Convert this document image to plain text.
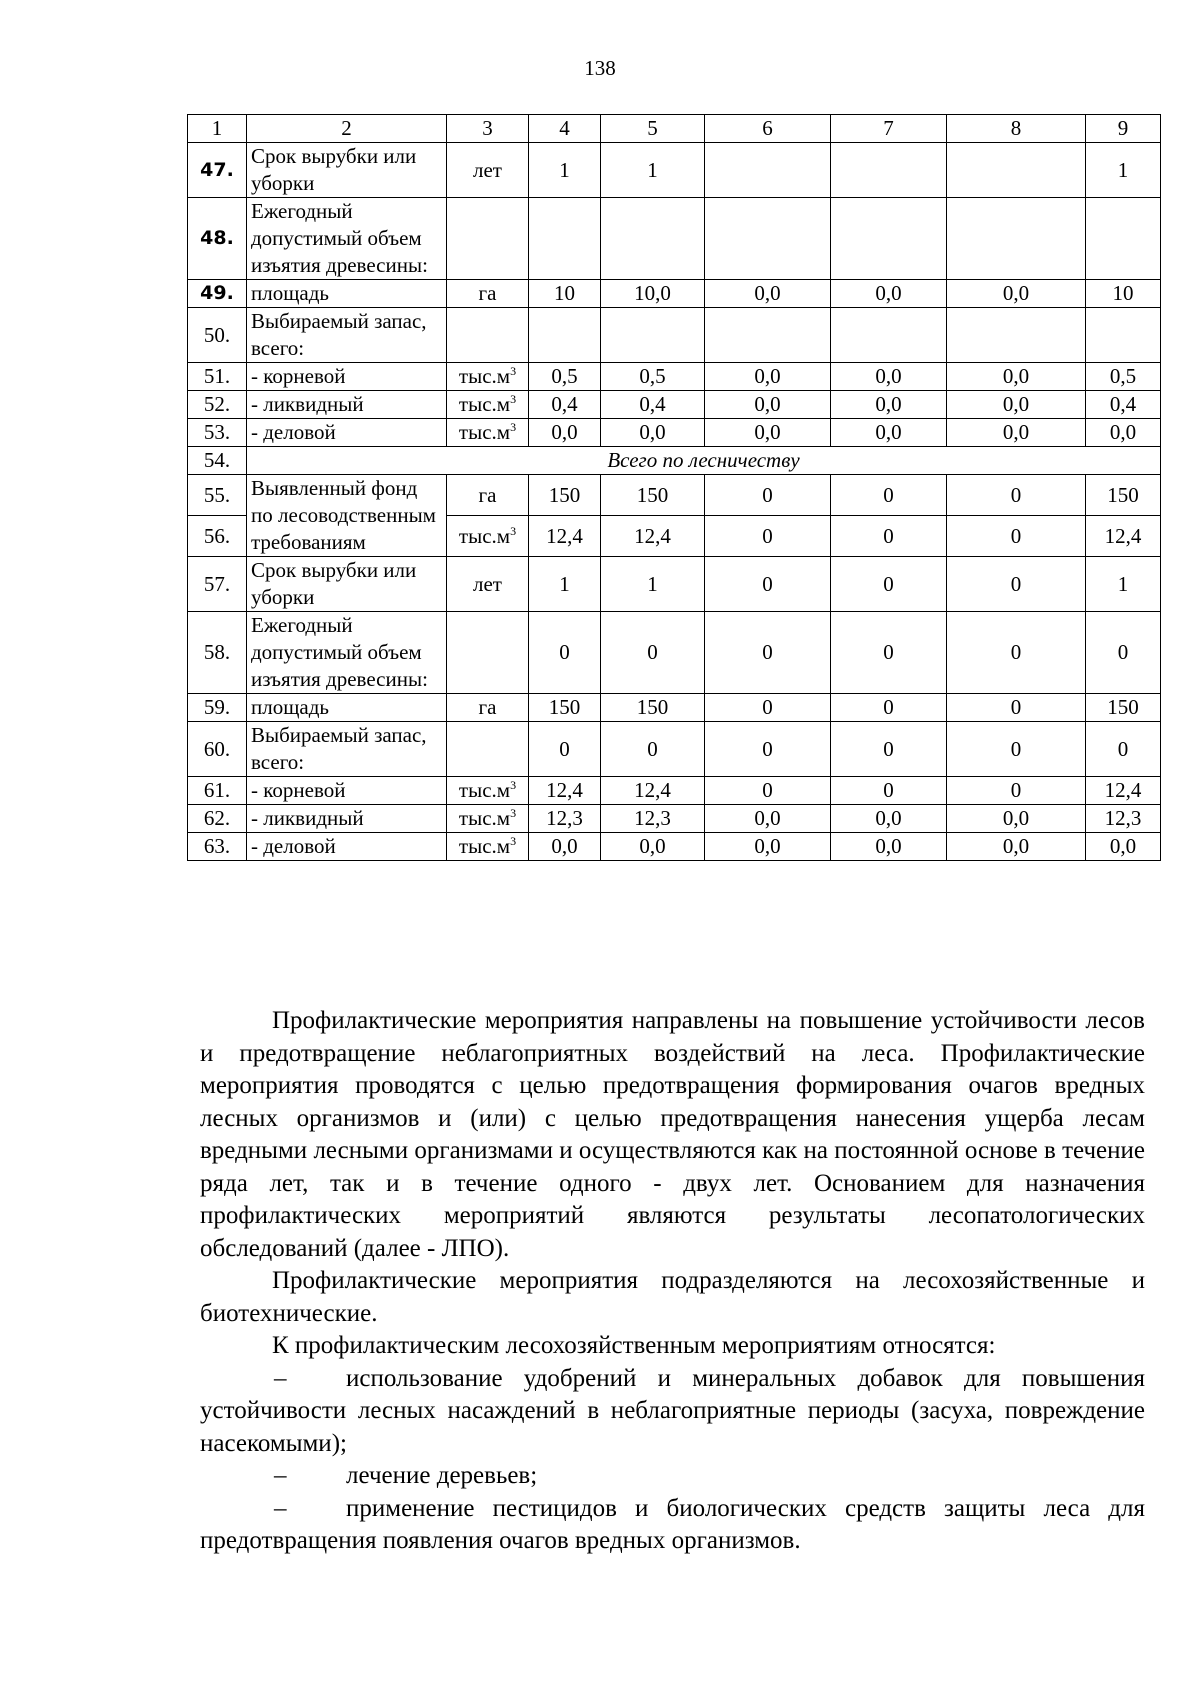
138
1	2	3	4	5	6	7	8	9
47.	Срок вырубки или уборки	лет	1	1				1
48.	Ежегодный допустимый объем изъятия древесины:							
49.	площадь	га	10	10,0	0,0	0,0	0,0	10
50.	Выбираемый запас, всего:							
51.	- корневой	$тыс.м^3$	0,5	0,5	0,0	0,0	0,0	0,5
52.	- ликвидный	$тыс.м^3$	0,4	0,4	0,0	0,0	0,0	0,4
53.	- деловой	$тыс.м^3$	0,0	0,0	0,0	0,0	0,0	0,0
54.	Всего по лесничеству							
55.	Выявленный фонд по лесоводственным требованиям	га	150	150	0	0	0	150
56.		$тыс.м^3$	12,4	12,4	0	0	0	12,4
57.	Срок вырубки или уборки	лет	1	1	0	0	0	1
58.	Ежегодный допустимый объем изъятия древесины:		0	0	0	0	0	0
59.	площадь	га	150	150	0	0	0	150
60.	Выбираемый запас, всего:		0	0	0	0	0	0
61.	- корневой	$тыс.м^3$	12,4	12,4	0	0	0	12,4
62.	- ликвидный	$тыс.м^3$	12,3	12,3	0,0	0,0	0,0	12,3
63.	- деловой	$тыс.м^3$	0,0	0,0	0,0	0,0	0,0	0,0

Профилактические мероприятия направлены на повышение устойчивости лесов и предотвращение неблагоприятных воздействий на леса. Профилактические мероприятия проводятся с целью предотвращения формирования очагов вредных лесных организмов и (или) с целью предотвращения нанесения ущерба лесам вредными лесными организмами и осуществляются как на постоянной основе в течение ряда лет, так и в течение одного - двух лет. Основанием для назначения профилактических мероприятий являются результаты лесопатологических обследований (далее - ЛПО).

Профилактические мероприятия подразделяются на лесохозяйственные и биотехнические.

К профилактическим лесохозяйственным мероприятиям относятся:

– использование удобрений и минеральных добавок для повышения устойчивости лесных насаждений в неблагоприятные периоды (засуха, повреждение насекомыми);

– лечение деревьев;

– применение пестицидов и биологических средств защиты леса для предотвращения появления очагов вредных организмов.
